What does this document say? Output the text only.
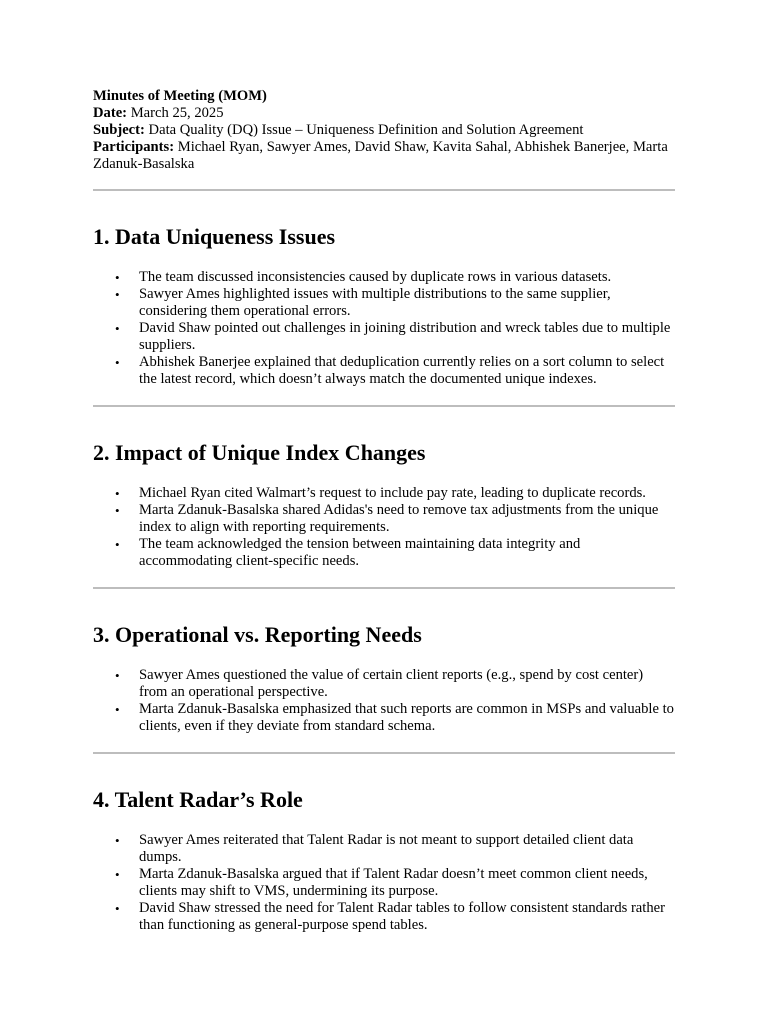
Minutes of Meeting (MOM)
Date: March 25, 2025
Subject: Data Quality (DQ) Issue – Uniqueness Definition and Solution Agreement
Participants: Michael Ryan, Sawyer Ames, David Shaw, Kavita Sahal, Abhishek Banerjee, Marta Zdanuk-Basalska
1. Data Uniqueness Issues
• The team discussed inconsistencies caused by duplicate rows in various datasets.
• Sawyer Ames highlighted issues with multiple distributions to the same supplier, considering them operational errors.
• David Shaw pointed out challenges in joining distribution and wreck tables due to multiple suppliers.
• Abhishek Banerjee explained that deduplication currently relies on a sort column to select the latest record, which doesn’t always match the documented unique indexes.
2. Impact of Unique Index Changes
• Michael Ryan cited Walmart’s request to include pay rate, leading to duplicate records.
• Marta Zdanuk-Basalska shared Adidas's need to remove tax adjustments from the unique index to align with reporting requirements.
• The team acknowledged the tension between maintaining data integrity and accommodating client-specific needs.
3. Operational vs. Reporting Needs
• Sawyer Ames questioned the value of certain client reports (e.g., spend by cost center) from an operational perspective.
• Marta Zdanuk-Basalska emphasized that such reports are common in MSPs and valuable to clients, even if they deviate from standard schema.
4. Talent Radar’s Role
• Sawyer Ames reiterated that Talent Radar is not meant to support detailed client data dumps.
• Marta Zdanuk-Basalska argued that if Talent Radar doesn’t meet common client needs, clients may shift to VMS, undermining its purpose.
• David Shaw stressed the need for Talent Radar tables to follow consistent standards rather than functioning as general-purpose spend tables.
